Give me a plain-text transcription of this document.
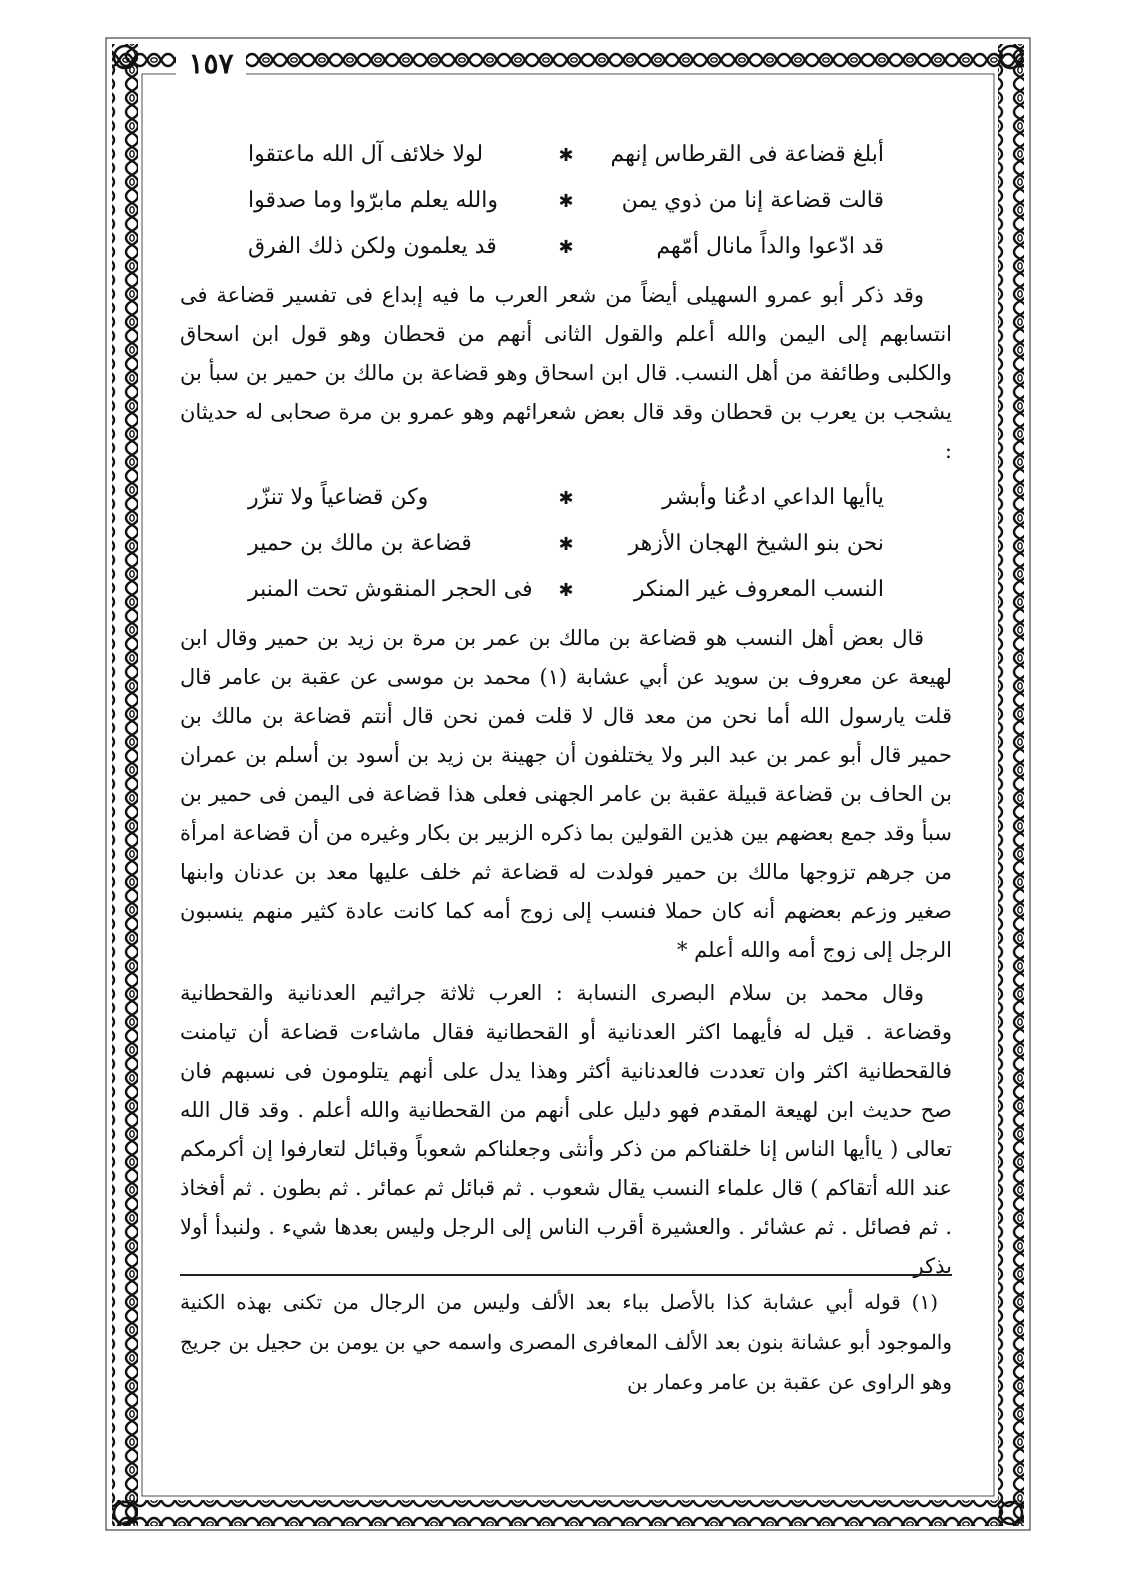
١٥٧
أبلغ قضاعة فى القرطاس إنهم
✱
لولا خلائف آل الله ماعتقوا
قالت قضاعة إنا من ذوي يمن
✱
والله يعلم مابرّوا وما صدقوا
قد ادّعوا والداً مانال أمّهم
✱
قد يعلمون ولكن ذلك الفرق

وقد ذكر أبو عمرو السهيلى أيضاً من شعر العرب ما فيه إبداع فى تفسير قضاعة فى انتسابهم إلى اليمن والله أعلم والقول الثانى أنهم من قحطان وهو قول ابن اسحاق والكلبى وطائفة من أهل النسب. قال ابن اسحاق وهو قضاعة بن مالك بن حمير بن سبأ بن يشجب بن يعرب بن قحطان وقد قال بعض شعرائهم وهو عمرو بن مرة صحابى له حديثان :

ياأيها الداعي ادعُنا وأبشر
✱
وكن قضاعياً ولا تنزّر
نحن بنو الشيخ الهجان الأزهر
✱
قضاعة بن مالك بن حمير
النسب المعروف غير المنكر
✱
فى الحجر المنقوش تحت المنبر

قال بعض أهل النسب هو قضاعة بن مالك بن عمر بن مرة بن زيد بن حمير وقال ابن لهيعة عن معروف بن سويد عن أبي عشابة (١) محمد بن موسى عن عقبة بن عامر قال قلت يارسول الله أما نحن من معد قال لا قلت فمن نحن قال أنتم قضاعة بن مالك بن حمير قال أبو عمر بن عبد البر ولا يختلفون أن جهينة بن زيد بن أسود بن أسلم بن عمران بن الحاف بن قضاعة قبيلة عقبة بن عامر الجهنى فعلى هذا قضاعة فى اليمن فى حمير بن سبأ وقد جمع بعضهم بين هذين القولين بما ذكره الزبير بن بكار وغيره من أن قضاعة امرأة من جرهم تزوجها مالك بن حمير فولدت له قضاعة ثم خلف عليها معد بن عدنان وابنها صغير وزعم بعضهم أنه كان حملا فنسب إلى زوج أمه كما كانت عادة كثير منهم ينسبون الرجل إلى زوج أمه والله أعلم *

وقال محمد بن سلام البصرى النسابة : العرب ثلاثة جراثيم العدنانية والقحطانية وقضاعة . قيل له فأيهما اكثر العدنانية أو القحطانية فقال ماشاءت قضاعة أن تيامنت فالقحطانية اكثر وان تعددت فالعدنانية أكثر وهذا يدل على أنهم يتلومون فى نسبهم فان صح حديث ابن لهيعة المقدم فهو دليل على أنهم من القحطانية والله أعلم . وقد قال الله تعالى ( ياأيها الناس إنا خلقناكم من ذكر وأنثى وجعلناكم شعوباً وقبائل لتعارفوا إن أكرمكم عند الله أتقاكم ) قال علماء النسب يقال شعوب . ثم قبائل ثم عمائر . ثم بطون . ثم أفخاذ . ثم فصائل . ثم عشائر . والعشيرة أقرب الناس إلى الرجل وليس بعدها شيء . ولنبدأ أولا بذكر

(١) قوله أبي عشابة كذا بالأصل بباء بعد الألف وليس من الرجال من تكنى بهذه الكنية والموجود أبو عشانة بنون بعد الألف المعافرى المصرى واسمه حي بن يومن بن حجيل بن جريج وهو الراوى عن عقبة بن عامر وعمار بن
